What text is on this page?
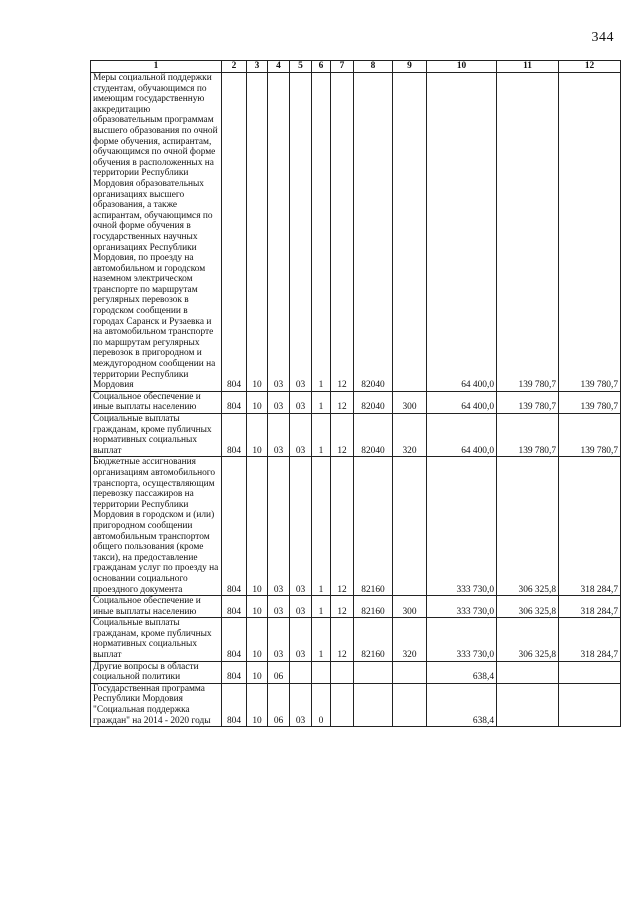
344
1	2	3	4	5	6	7	8	9	10	11	12
Меры социальной поддержки студентам, обучающимся по имеющим государственную аккредитацию образовательным программам высшего образования по очной форме обучения, аспирантам, обучающимся по очной форме обучения в расположенных на территории Республики Мордовия образовательных организациях высшего образования, а также аспирантам, обучающимся по очной форме обучения в государственных научных организациях Республики Мордовия, по проезду на автомобильном и городском наземном электрическом транспорте по маршрутам регулярных перевозок в городском сообщении в городах Саранск и Рузаевка и на автомобильном транспорте по маршрутам регулярных перевозок в пригородном и междугородном сообщении на территории Республики Мордовия	804	10	03	03	1	12	82040		64 400,0	139 780,7	139 780,7
Социальное обеспечение и иные выплаты населению	804	10	03	03	1	12	82040	300	64 400,0	139 780,7	139 780,7
Социальные выплаты гражданам, кроме публичных нормативных социальных выплат	804	10	03	03	1	12	82040	320	64 400,0	139 780,7	139 780,7
Бюджетные ассигнования организациям автомобильного транспорта, осуществляющим перевозку пассажиров на территории Республики Мордовия в городском и (или) пригородном сообщении автомобильным транспортом общего пользования (кроме такси), на предоставление гражданам услуг по проезду на основании социального проездного документа	804	10	03	03	1	12	82160		333 730,0	306 325,8	318 284,7
Социальное обеспечение и иные выплаты населению	804	10	03	03	1	12	82160	300	333 730,0	306 325,8	318 284,7
Социальные выплаты гражданам, кроме публичных нормативных социальных выплат	804	10	03	03	1	12	82160	320	333 730,0	306 325,8	318 284,7
Другие вопросы в области социальной политики	804	10	06						638,4		
Государственная программа Республики Мордовия "Социальная поддержка граждан" на 2014 - 2020 годы	804	10	06	03	0				638,4		
